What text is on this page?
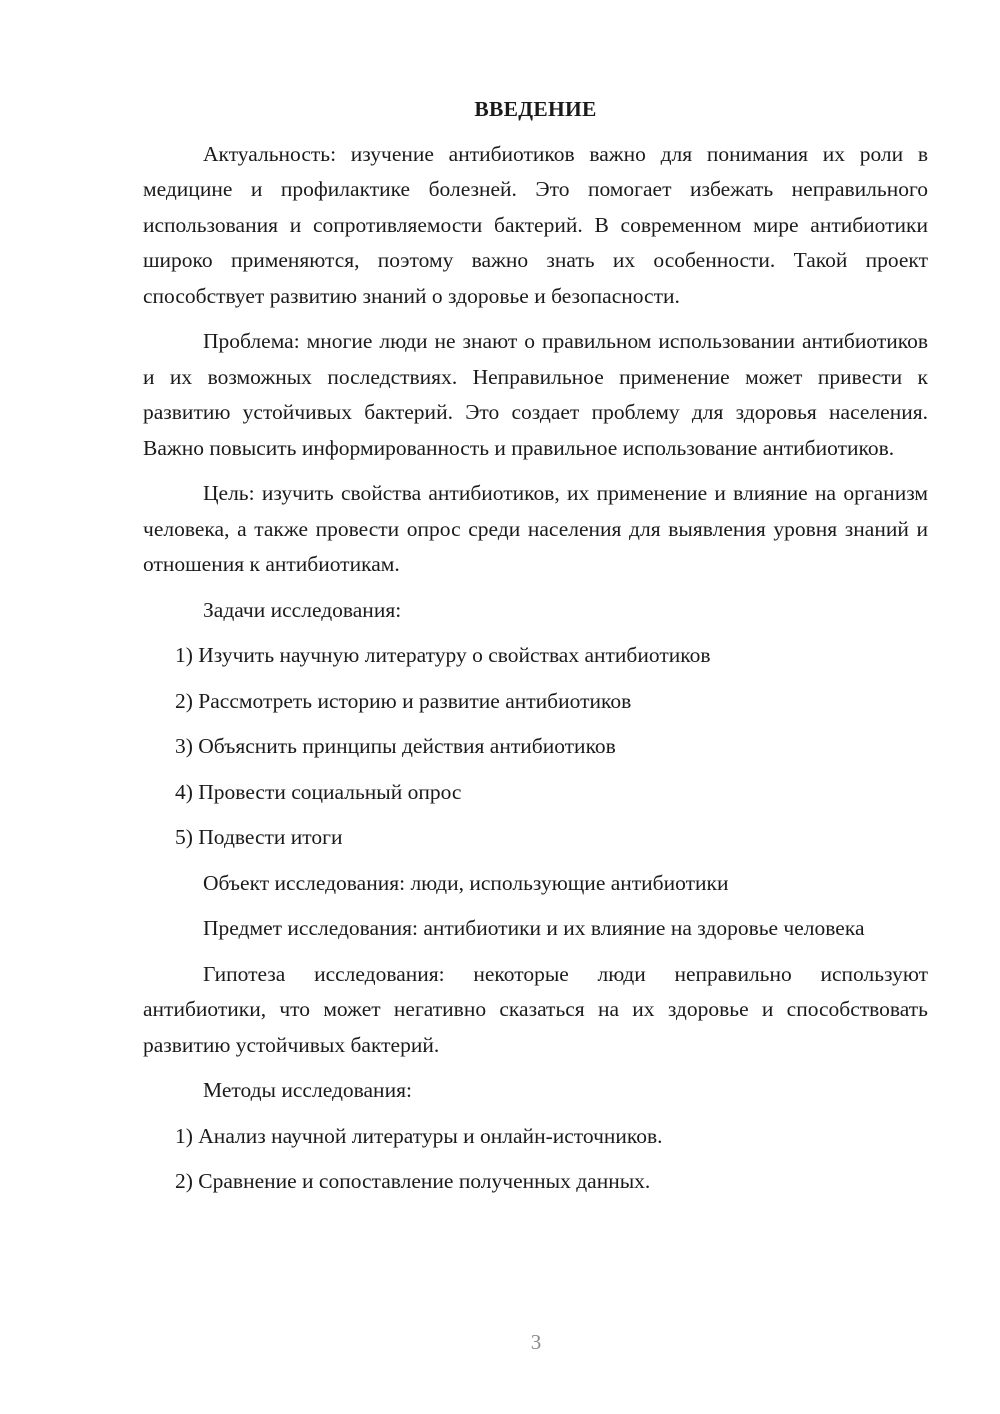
ВВЕДЕНИЕ

Актуальность: изучение антибиотиков важно для понимания их роли в медицине и профилактике болезней. Это помогает избежать неправильного использования и сопротивляемости бактерий. В современном мире антибиотики широко применяются, поэтому важно знать их особенности. Такой проект способствует развитию знаний о здоровье и безопасности.

Проблема: многие люди не знают о правильном использовании антибиотиков и их возможных последствиях. Неправильное применение может привести к развитию устойчивых бактерий. Это создает проблему для здоровья населения. Важно повысить информированность и правильное использование антибиотиков.

Цель: изучить свойства антибиотиков, их применение и влияние на организм человека, а также провести опрос среди населения для выявления уровня знаний и отношения к антибиотикам.

Задачи исследования:
1) Изучить научную литературу о свойствах антибиотиков
2) Рассмотреть историю и развитие антибиотиков
3) Объяснить принципы действия антибиотиков
4) Провести социальный опрос
5) Подвести итоги
Объект исследования: люди, использующие антибиотики

Предмет исследования: антибиотики и их влияние на здоровье человека

Гипотеза исследования: некоторые люди неправильно используют антибиотики, что может негативно сказаться на их здоровье и способствовать развитию устойчивых бактерий.

Методы исследования:
1) Анализ научной литературы и онлайн-источников.
2) Сравнение и сопоставление полученных данных.
3
